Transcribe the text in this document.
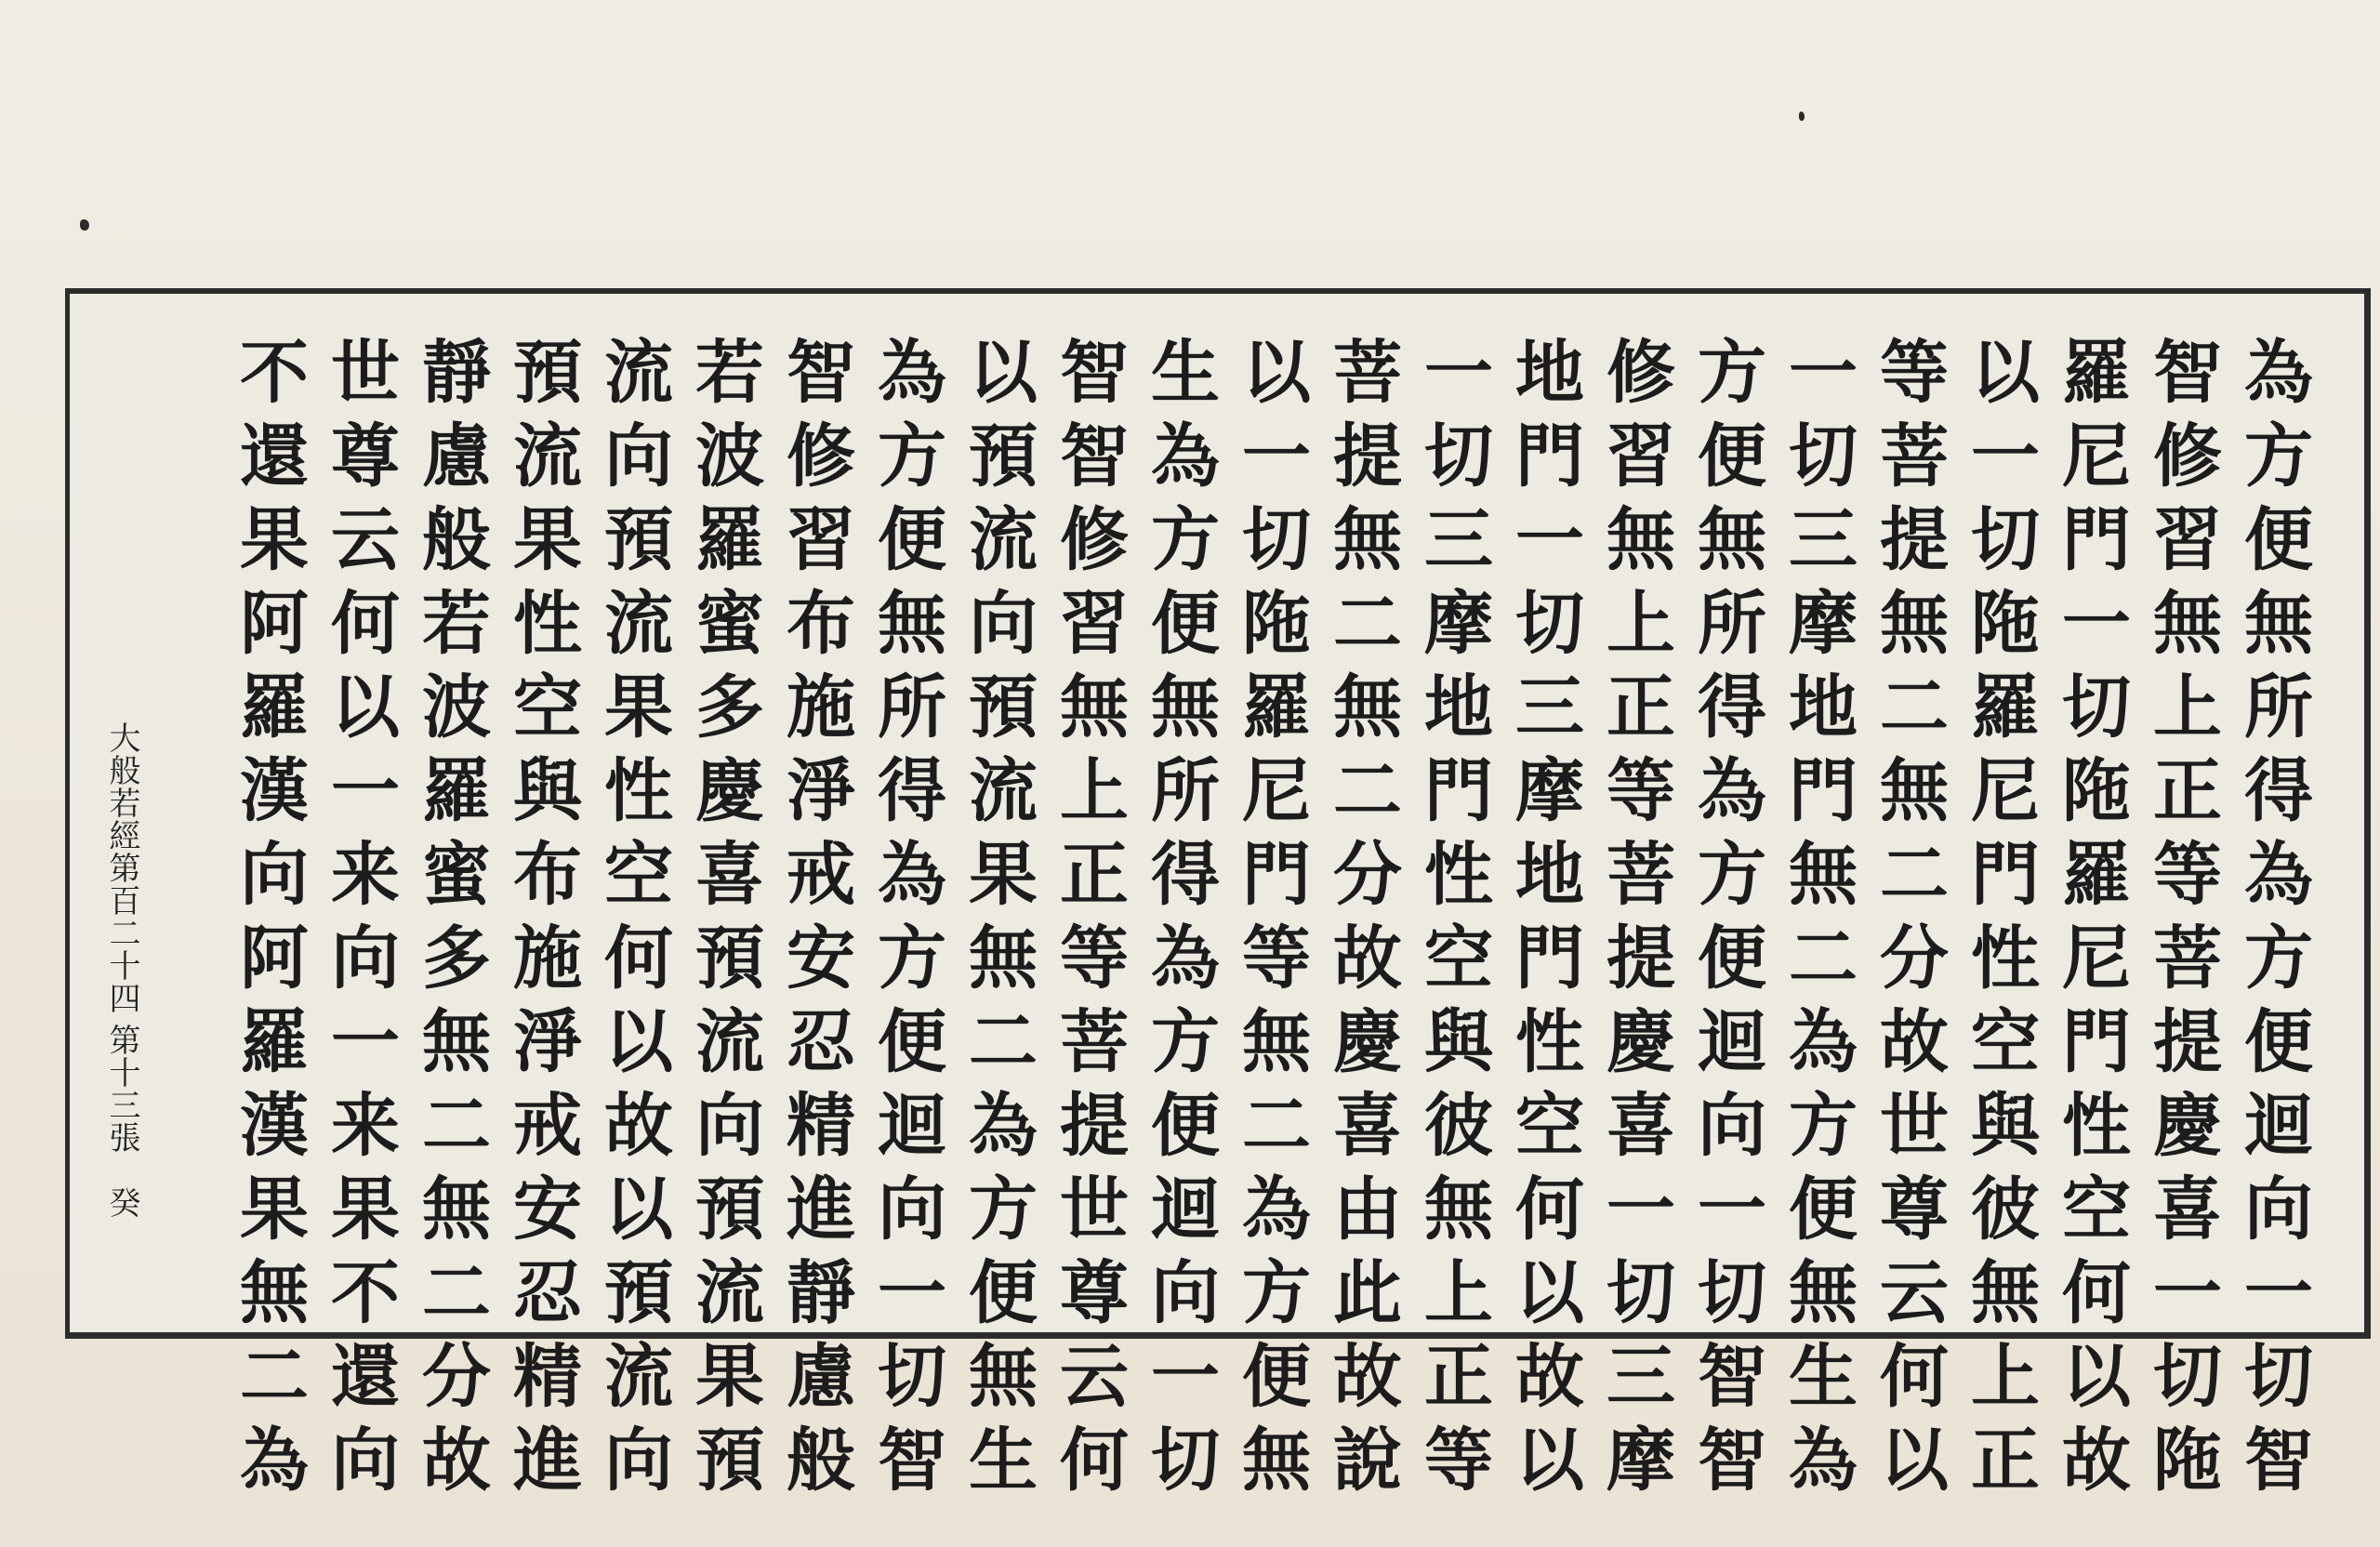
為
方
便
無
所
得
為
方
便
迴
向
一
切
智
智
修
習
無
上
正
等
菩
提
慶
喜
一
切
陁
羅
尼
門
一
切
陁
羅
尼
門
性
空
何
以
故
以
一
切
陁
羅
尼
門
性
空
與
彼
無
上
正
等
菩
提
無
二
無
二
分
故
世
尊
云
何
以
一
切
三
摩
地
門
無
二
為
方
便
無
生
為
方
便
無
所
得
為
方
便
迴
向
一
切
智
智
修
習
無
上
正
等
菩
提
慶
喜
一
切
三
摩
地
門
一
切
三
摩
地
門
性
空
何
以
故
以
一
切
三
摩
地
門
性
空
與
彼
無
上
正
等
菩
提
無
二
無
二
分
故
慶
喜
由
此
故
說
以
一
切
陁
羅
尼
門
等
無
二
為
方
便
無
生
為
方
便
無
所
得
為
方
便
迴
向
一
切
智
智
修
習
無
上
正
等
菩
提
世
尊
云
何
以
預
流
向
預
流
果
無
二
為
方
便
無
生
為
方
便
無
所
得
為
方
便
迴
向
一
切
智
智
修
習
布
施
淨
戒
安
忍
精
進
靜
慮
般
若
波
羅
蜜
多
慶
喜
預
流
向
預
流
果
預
流
向
預
流
果
性
空
何
以
故
以
預
流
向
預
流
果
性
空
與
布
施
淨
戒
安
忍
精
進
靜
慮
般
若
波
羅
蜜
多
無
二
無
二
分
故
世
尊
云
何
以
一
来
向
一
来
果
不
還
向
不
還
果
阿
羅
漢
向
阿
羅
漢
果
無
二
為
大般若經第百二十四
第十三張
癸
